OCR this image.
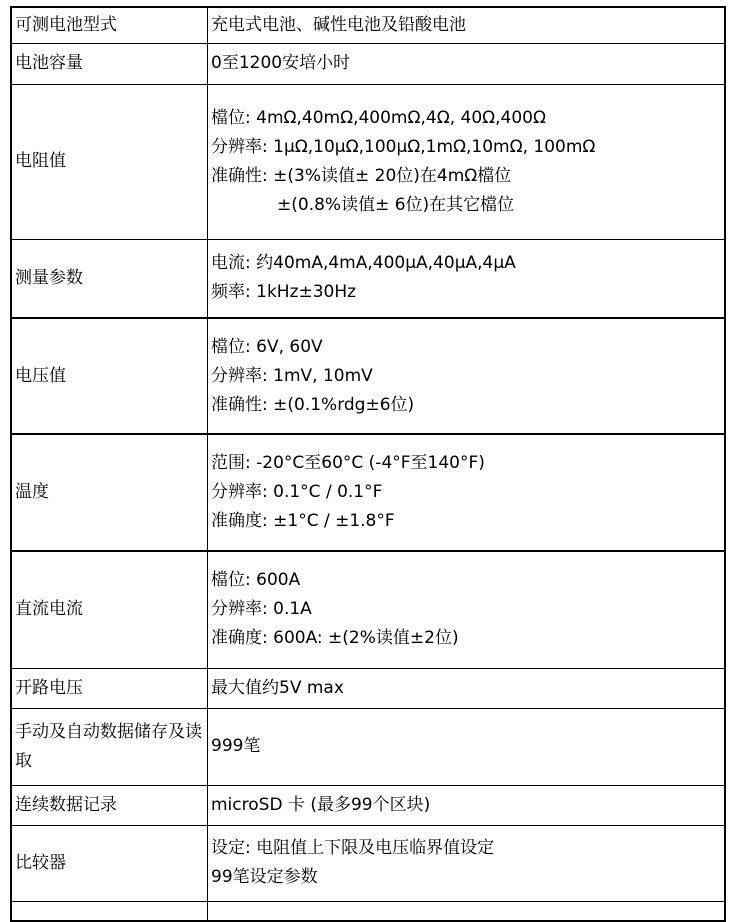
可测电池型式	充电式电池、碱性电池及铅酸电池

电池容量	0至1200安培小时

电阻值	檔位: 4mΩ,40mΩ,400mΩ,4Ω, 40Ω,400Ω
分辨率: 1μΩ,10μΩ,100μΩ,1mΩ,10mΩ, 100mΩ
准确性: ±(3%读值± 20位)在4mΩ檔位
±(0.8%读值± 6位)在其它檔位

测量参数	电流: 约40mA,4mA,400μA,40μA,4μA
频率: 1kHz±30Hz

电压值	檔位: 6V, 60V
分辨率: 1mV, 10mV
准确性: ±(0.1%rdg±6位)

温度	范围: -20°C至60°C (-4°F至140°F)
分辨率: 0.1°C / 0.1°F
准确度: ±1°C / ±1.8°F

直流电流	檔位: 600A
分辨率: 0.1A
准确度: 600A: ±(2%读值±2位)

开路电压	最大值约5V max

手动及自动数据储存及读取	999笔

连续数据记录	microSD 卡 (最多99个区块)

比较器	设定: 电阻值上下限及电压临界值设定
99笔设定参数
